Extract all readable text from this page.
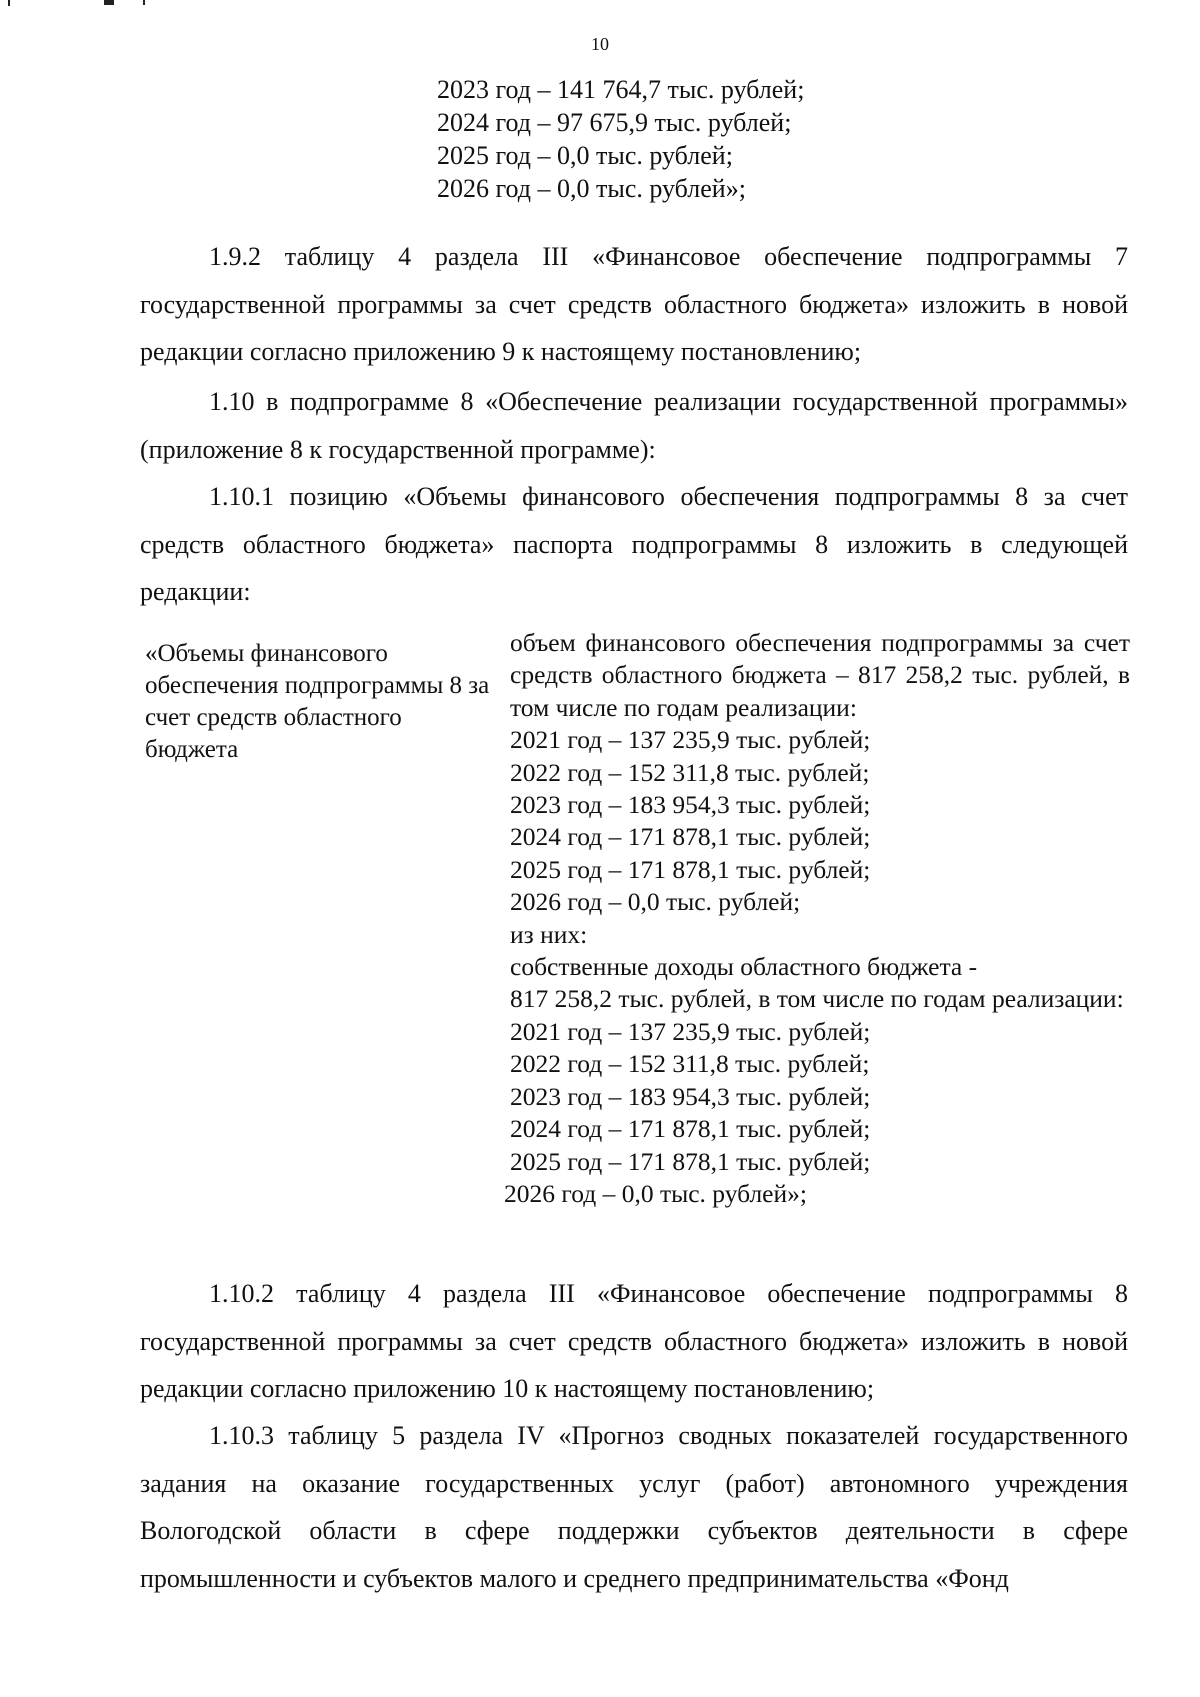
10
2023 год – 141 764,7 тыс. рублей;
2024 год – 97 675,9 тыс. рублей;
2025 год – 0,0 тыс. рублей;
2026 год – 0,0 тыс. рублей»;
1.9.2 таблицу 4 раздела III «Финансовое обеспечение подпрограммы 7 государственной программы за счет средств областного бюджета» изложить в новой редакции согласно приложению 9 к настоящему постановлению;
1.10 в подпрограмме 8 «Обеспечение реализации государственной программы» (приложение 8 к государственной программе):
1.10.1 позицию «Объемы финансового обеспечения подпрограммы 8 за счет средств областного бюджета» паспорта подпрограммы 8 изложить в следующей редакции:
«Объемы финансового обеспечения подпрограммы 8 за счет средств областного бюджета
объем финансового обеспечения подпрограммы за счет средств областного бюджета – 817 258,2 тыс. рублей, в том числе по годам реализации:
2021 год – 137 235,9 тыс. рублей;
2022 год – 152 311,8 тыс. рублей;
2023 год – 183 954,3 тыс. рублей;
2024 год – 171 878,1 тыс. рублей;
2025 год – 171 878,1 тыс. рублей;
2026 год – 0,0 тыс. рублей;
из них:
собственные доходы областного бюджета -
817 258,2 тыс. рублей, в том числе по годам реализации:
2021 год – 137 235,9 тыс. рублей;
2022 год – 152 311,8 тыс. рублей;
2023 год – 183 954,3 тыс. рублей;
2024 год – 171 878,1 тыс. рублей;
2025 год – 171 878,1 тыс. рублей;
2026 год – 0,0 тыс. рублей»;
1.10.2 таблицу 4 раздела III «Финансовое обеспечение подпрограммы 8 государственной программы за счет средств областного бюджета» изложить в новой редакции согласно приложению 10 к настоящему постановлению;
1.10.3 таблицу 5 раздела IV «Прогноз сводных показателей государственного задания на оказание государственных услуг (работ) автономного учреждения Вологодской области в сфере поддержки субъектов деятельности в сфере промышленности и субъектов малого и среднего предпринимательства «Фонд
